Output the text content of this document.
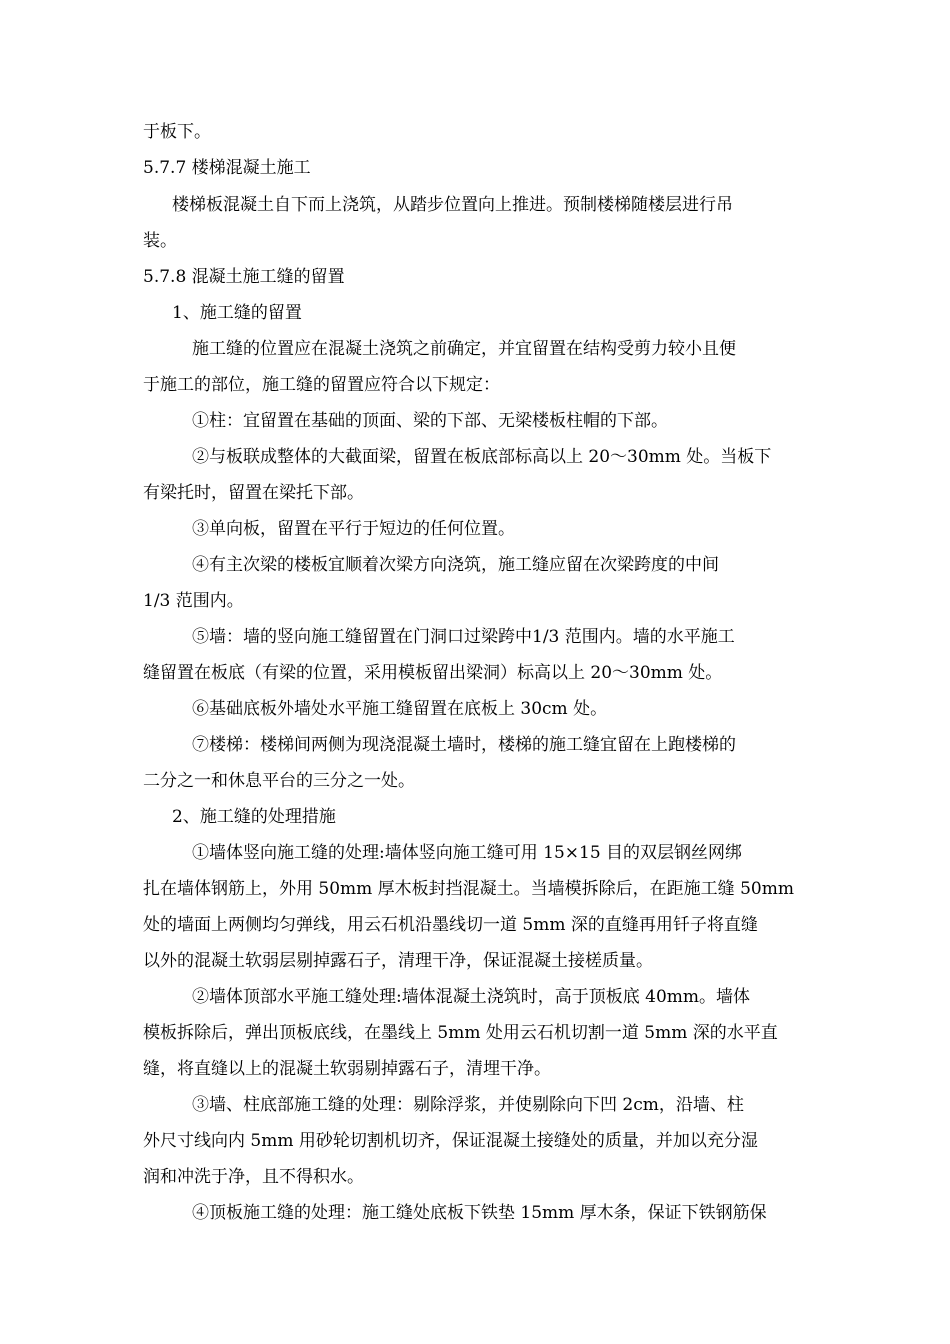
于板下。
5.7.7 楼梯混凝土施工
楼梯板混凝土自下而上浇筑，从踏步位置向上推进。预制楼梯随楼层进行吊
装。
5.7.8 混凝土施工缝的留置
1、施工缝的留置
施工缝的位置应在混凝土浇筑之前确定，并宜留置在结构受剪力较小且便
于施工的部位，施工缝的留置应符合以下规定：
①柱：宜留置在基础的顶面、梁的下部、无梁楼板柱帽的下部。
②与板联成整体的大截面梁，留置在板底部标高以上 20～30mm 处。当板下
有梁托时，留置在梁托下部。
③单向板，留置在平行于短边的任何位置。
④有主次梁的楼板宜顺着次梁方向浇筑，施工缝应留在次梁跨度的中间
1/3 范围内。
⑤墙：墙的竖向施工缝留置在门洞口过梁跨中1/3 范围内。墙的水平施工
缝留置在板底（有梁的位置，采用模板留出梁洞）标高以上 20～30mm 处。
⑥基础底板外墙处水平施工缝留置在底板上 30cm 处。
⑦楼梯：楼梯间两侧为现浇混凝土墙时，楼梯的施工缝宜留在上跑楼梯的
二分之一和休息平台的三分之一处。
2、施工缝的处理措施
①墙体竖向施工缝的处理:墙体竖向施工缝可用 15×15 目的双层钢丝网绑
扎在墙体钢筋上，外用 50mm 厚木板封挡混凝土。当墙模拆除后，在距施工缝 50mm
处的墙面上两侧均匀弹线，用云石机沿墨线切一道 5mm 深的直缝再用钎子将直缝
以外的混凝土软弱层剔掉露石子，清理干净，保证混凝土接槎质量。
②墙体顶部水平施工缝处理:墙体混凝土浇筑时，高于顶板底 40mm。墙体
模板拆除后，弹出顶板底线，在墨线上 5mm 处用云石机切割一道 5mm 深的水平直
缝，将直缝以上的混凝土软弱剔掉露石子，清埋干净。
③墙、柱底部施工缝的处理：剔除浮浆，并使剔除向下凹 2cm，沿墙、柱
外尺寸线向内 5mm 用砂轮切割机切齐，保证混凝土接缝处的质量，并加以充分湿
润和冲洗于净，且不得积水。
④顶板施工缝的处理：施工缝处底板下铁垫 15mm 厚木条，保证下铁钢筋保
